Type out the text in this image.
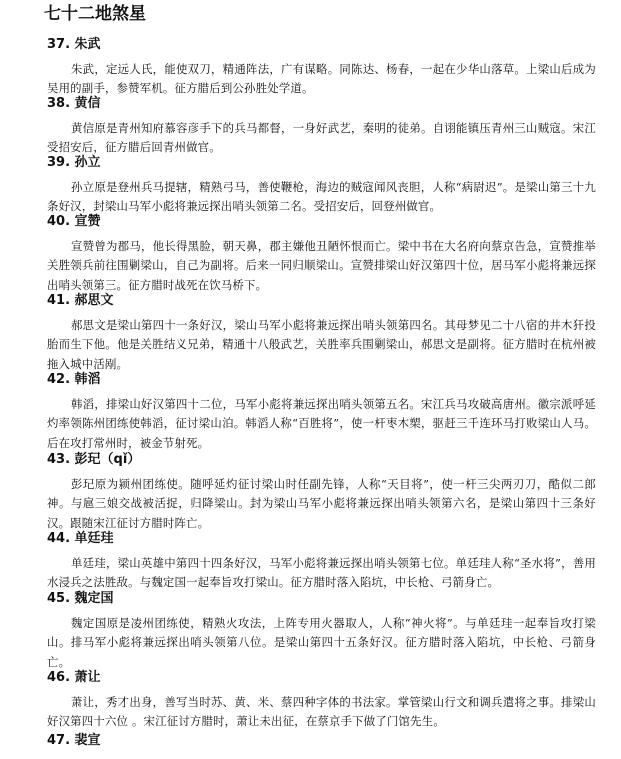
七十二地煞星
37. 朱武

朱武，定远人氏，能使双刀，精通阵法，广有谋略。同陈达、杨春，一起在少华山落草。上梁山后成为吴用的副手，参赞军机。征方腊后到公孙胜处学道。

38. 黄信

黄信原是青州知府慕容彦手下的兵马都督，一身好武艺，秦明的徒弟。自诩能镇压青州三山贼寇。宋江受招安后，征方腊后回青州做官。

39. 孙立

孙立原是登州兵马提辖，精熟弓马，善使鞭枪，海边的贼寇闻风丧胆，人称“病尉迟”。是梁山第三十九条好汉，封梁山马军小彪将兼远探出哨头领第二名。受招安后，回登州做官。

40. 宣赞

宣赞曾为郡马，他长得黑脸，朝天鼻，郡主嫌他丑陋怀恨而亡。梁中书在大名府向蔡京告急，宣赞推举关胜领兵前往围剿梁山，自己为副将。后来一同归顺梁山。宣赞排梁山好汉第四十位，居马军小彪将兼远探出哨头领第三。征方腊时战死在饮马桥下。

41. 郝思文

郝思文是梁山第四十一条好汉，梁山马军小彪将兼远探出哨头领第四名。其母梦见二十八宿的井木犴投胎而生下他。他是关胜结义兄弟，精通十八般武艺，关胜率兵围剿梁山，郝思文是副将。征方腊时在杭州被拖入城中活剐。

42. 韩滔

韩滔，排梁山好汉第四十二位，马军小彪将兼远探出哨头领第五名。宋江兵马攻破高唐州。徽宗派呼延灼率领陈州团练使韩滔，征讨梁山泊。韩滔人称“百胜将”，使一杆枣木槊，驱赶三千连环马打败梁山人马。后在攻打常州时，被金节射死。

43. 彭玘（qǐ）

彭玘原为颍州团练使。随呼延灼征讨梁山时任副先锋，人称“天目将”，使一杆三尖两刃刀，酷似二郎神。与扈三娘交战被活捉，归降梁山。封为梁山马军小彪将兼远探出哨头领第六名，是梁山第四十三条好汉。跟随宋江征讨方腊时阵亡。

44. 单廷珪

单廷珪，梁山英雄中第四十四条好汉，马军小彪将兼远探出哨头领第七位。单廷珪人称“圣水将”，善用水浸兵之法胜敌。与魏定国一起奉旨攻打梁山。征方腊时落入陷坑，中长枪、弓箭身亡。

45. 魏定国

魏定国原是凌州团练使，精熟火攻法，上阵专用火器取人，人称“神火将”。与单廷珪一起奉旨攻打梁山。排马军小彪将兼远探出哨头领第八位。是梁山第四十五条好汉。征方腊时落入陷坑，中长枪、弓箭身亡。

46. 萧让

萧让，秀才出身，善写当时苏、黄、米、蔡四种字体的书法家。掌管梁山行文和调兵遣将之事。排梁山好汉第四十六位 。宋江征讨方腊时，萧让未出征，在蔡京手下做了门馆先生。

47. 裴宣
